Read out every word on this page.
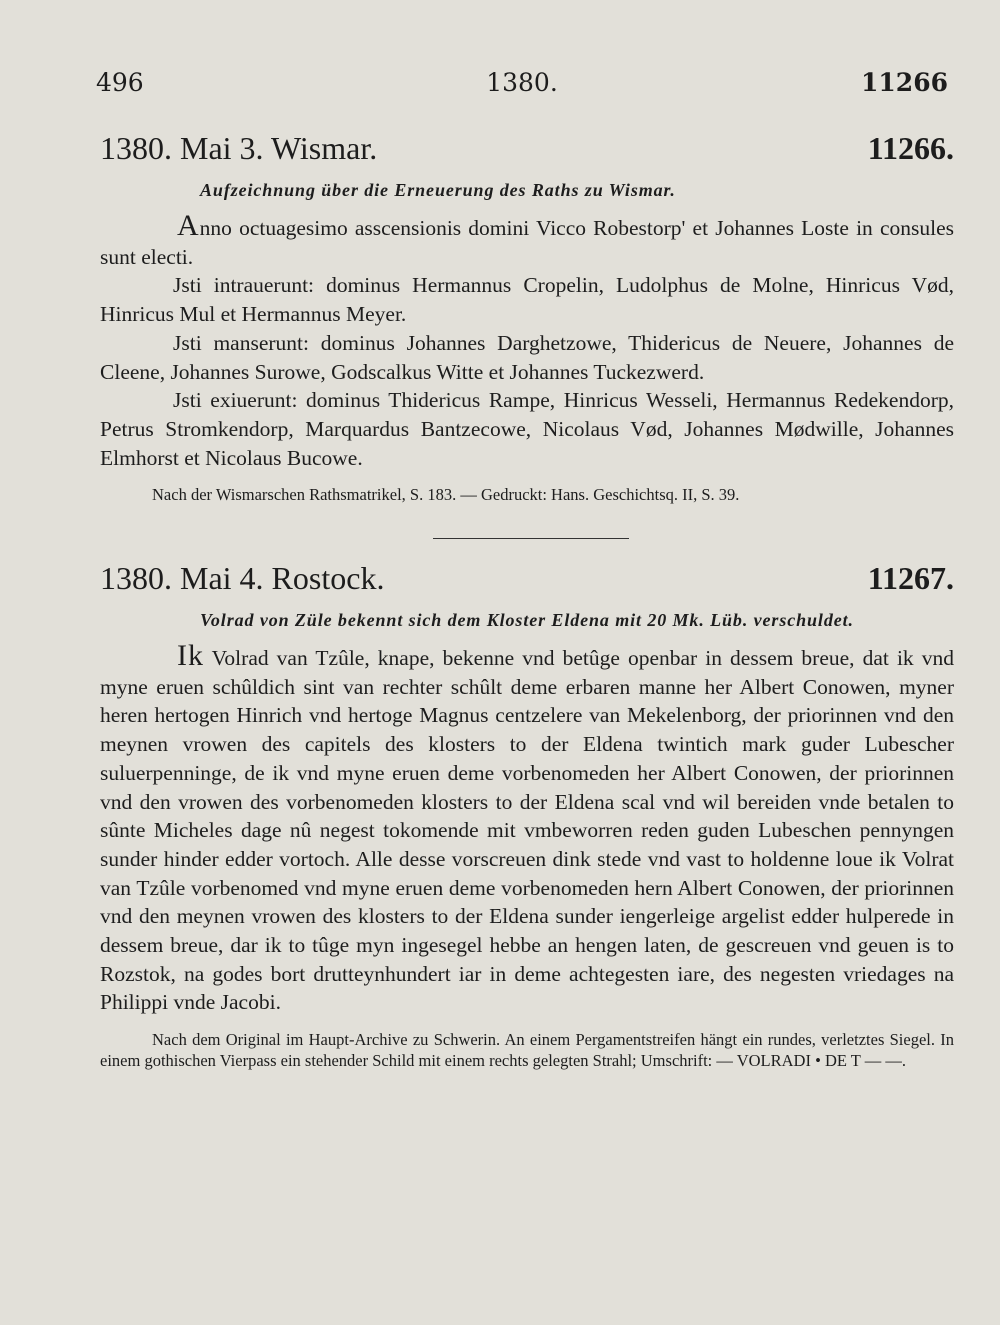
496	1380.	11266
1380. Mai 3. Wismar.	11266.
Aufzeichnung über die Erneuerung des Raths zu Wismar.

Anno octuagesimo asscensionis domini Vicco Robestorp' et Johannes Loste in consules sunt electi.

Jsti intrauerunt: dominus Hermannus Cropelin, Ludolphus de Molne, Hinricus Vød, Hinricus Mul et Hermannus Meyer.

Jsti manserunt: dominus Johannes Darghetzowe, Thidericus de Neuere, Johannes de Cleene, Johannes Surowe, Godscalkus Witte et Johannes Tuckezwerd.

Jsti exiuerunt: dominus Thidericus Rampe, Hinricus Wesseli, Hermannus Redekendorp, Petrus Stromkendorp, Marquardus Bantzecowe, Nicolaus Vød, Johannes Mødwille, Johannes Elmhorst et Nicolaus Bucowe.

Nach der Wismarschen Rathsmatrikel, S. 183. — Gedruckt: Hans. Geschichtsq. II, S. 39.
1380. Mai 4. Rostock.	11267.
Volrad von Züle bekennt sich dem Kloster Eldena mit 20 Mk. Lüb. verschuldet.

Ik Volrad van Tzûle, knape, bekenne vnd betûge openbar in dessem breue, dat ik vnd myne eruen schûldich sint van rechter schûlt deme erbaren manne her Albert Conowen, myner heren hertogen Hinrich vnd hertoge Magnus centzelere van Mekelenborg, der priorinnen vnd den meynen vrowen des capitels des klosters to der Eldena twintich mark guder Lubescher suluerpenninge, de ik vnd myne eruen deme vorbenomeden her Albert Conowen, der priorinnen vnd den vrowen des vorbenomeden klosters to der Eldena scal vnd wil bereiden vnde betalen to sûnte Micheles dage nû negest tokomende mit vmbeworren reden guden Lubeschen pennyngen sunder hinder edder vortoch. Alle desse vorscreuen dink stede vnd vast to holdenne loue ik Volrat van Tzûle vorbenomed vnd myne eruen deme vorbenomeden hern Albert Conowen, der priorinnen vnd den meynen vrowen des klosters to der Eldena sunder iengerleige argelist edder hulperede in dessem breue, dar ik to tûge myn ingesegel hebbe an hengen laten, de gescreuen vnd geuen is to Rozstok, na godes bort drutteynhundert iar in deme achtegesten iare, des negesten vriedages na Philippi vnde Jacobi.

Nach dem Original im Haupt-Archive zu Schwerin. An einem Pergamentstreifen hängt ein rundes, verletztes Siegel. In einem gothischen Vierpass ein stehender Schild mit einem rechts gelegten Strahl; Umschrift: — VOLRADI • DE T — —.
